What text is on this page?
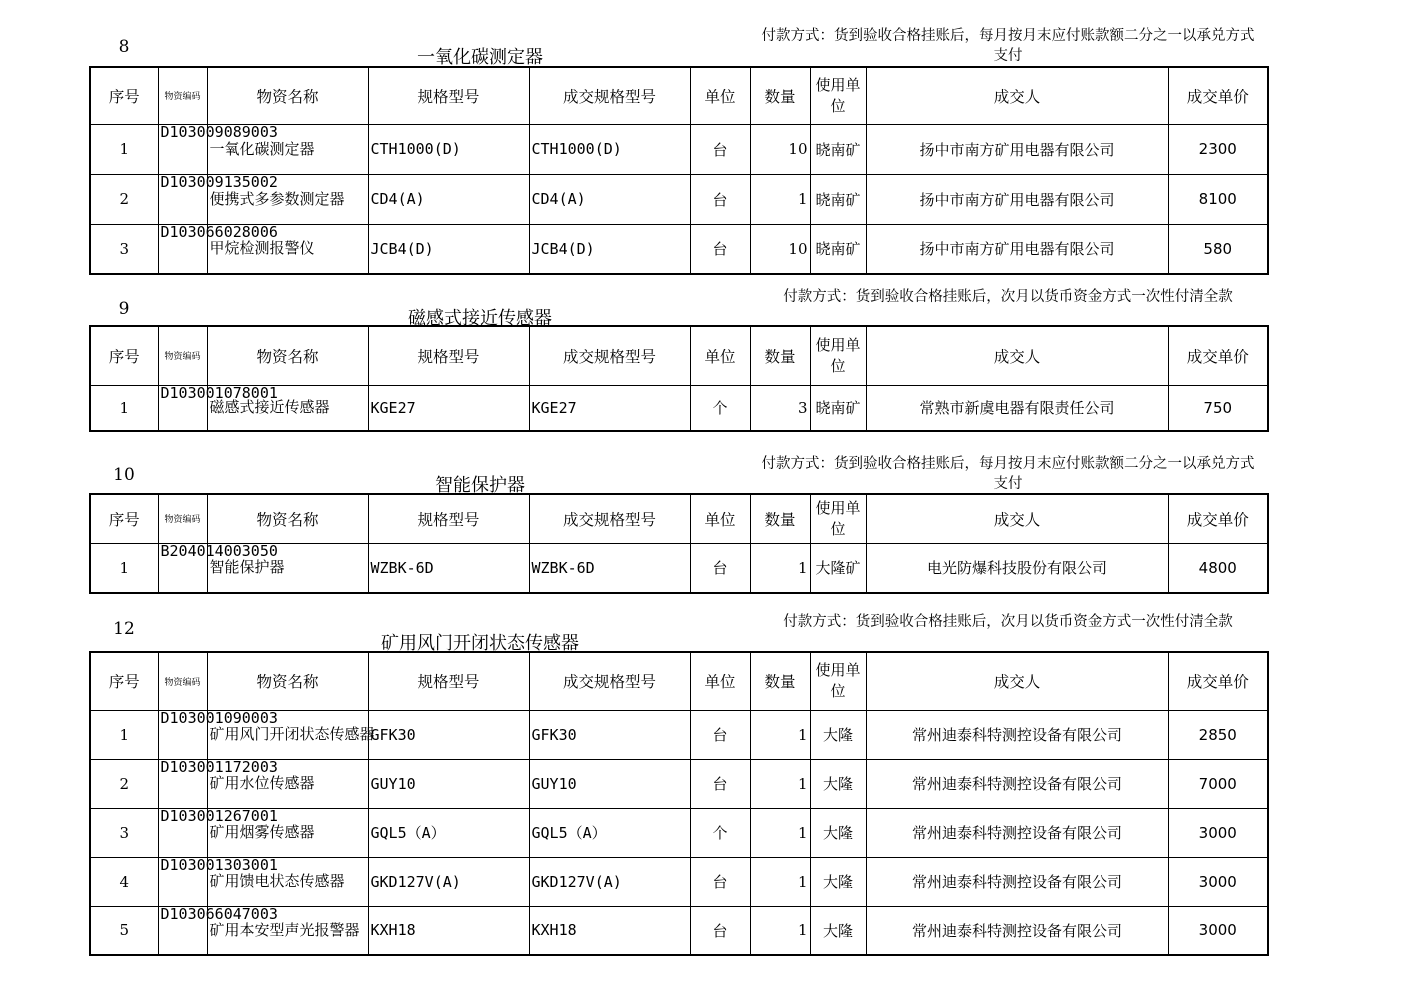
8	一氧化碳测定器
付款方式：货到验收合格挂账后，每月按月末应付账款额二分之一以承兑方式支付
序号	物资编码	物资名称	规格型号	成交规格型号	单位	数量	使用单位	成交人	成交单价
1	D103009089003	一氧化碳测定器	CTH1000(D)	CTH1000(D)	台	10	晓南矿	扬中市南方矿用电器有限公司	2300
2	D103009135002	便携式多参数测定器	CD4(A)	CD4(A)	台	1	晓南矿	扬中市南方矿用电器有限公司	8100
3	D103066028006	甲烷检测报警仪	JCB4(D)	JCB4(D)	台	10	晓南矿	扬中市南方矿用电器有限公司	580
9	磁感式接近传感器
付款方式：货到验收合格挂账后，次月以货币资金方式一次性付清全款
序号	物资编码	物资名称	规格型号	成交规格型号	单位	数量	使用单位	成交人	成交单价
1	D103001078001	磁感式接近传感器	KGE27	KGE27	个	3	晓南矿	常熟市新虞电器有限责任公司	750
10	智能保护器
付款方式：货到验收合格挂账后，每月按月末应付账款额二分之一以承兑方式支付
序号	物资编码	物资名称	规格型号	成交规格型号	单位	数量	使用单位	成交人	成交单价
1	B204014003050	智能保护器	WZBK-6D	WZBK-6D	台	1	大隆矿	电光防爆科技股份有限公司	4800
12
矿用风门开闭状态传感器
付款方式：货到验收合格挂账后，次月以货币资金方式一次性付清全款
序号	物资编码	物资名称	规格型号	成交规格型号	单位	数量	使用单位	成交人	成交单价
1	D103001090003	矿用风门开闭状态传感器	GFK30	GFK30	台	1	大隆	常州迪泰科特测控设备有限公司	2850
2	D103001172003	矿用水位传感器	GUY10	GUY10	台	1	大隆	常州迪泰科特测控设备有限公司	7000
3	D103001267001	矿用烟雾传感器	GQL5（A）	GQL5（A）	个	1	大隆	常州迪泰科特测控设备有限公司	3000
4	D103001303001	矿用馈电状态传感器	GKD127V(A)	GKD127V(A)	台	1	大隆	常州迪泰科特测控设备有限公司	3000
5	D103066047003	矿用本安型声光报警器	KXH18	KXH18	台	1	大隆	常州迪泰科特测控设备有限公司	3000
